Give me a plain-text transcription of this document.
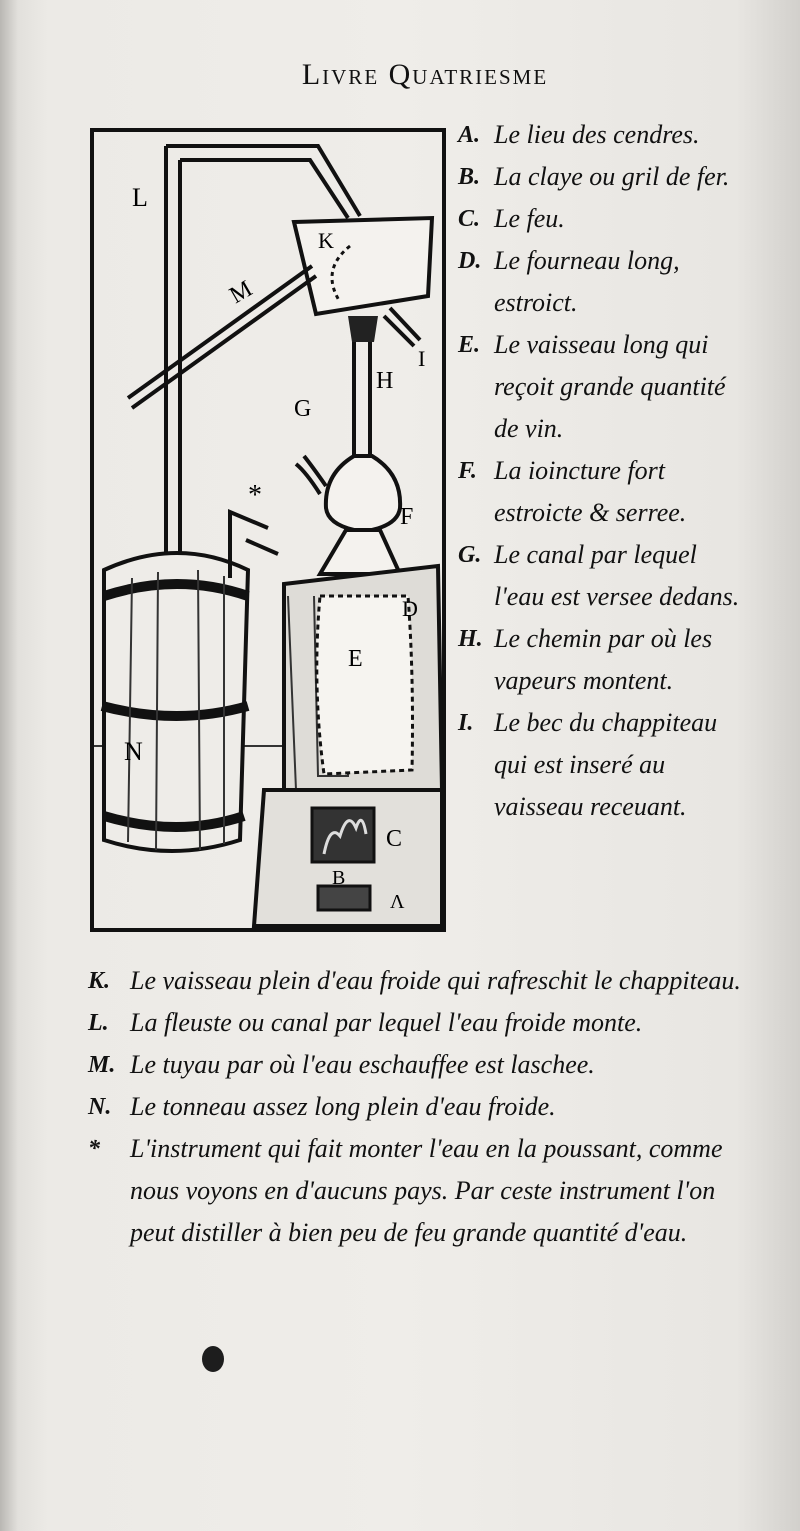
Livre Quatriesme
L
K
M
I
H
G
F
D
E
N
C
B
Λ
*
A. Le lieu des cendres.
B. La claye ou gril de fer.
C. Le feu.
D. Le fourneau long, estroict.
E. Le vaisseau long qui reçoit grande quantité de vin.
F. La ioincture fort estroicte & serree.
G. Le canal par lequel l'eau est versee dedans.
H. Le chemin par où les vapeurs montent.
I. Le bec du chappiteau qui est inseré au vaisseau receuant.
K. Le vaisseau plein d'eau froide qui rafreschit le chappiteau.
L. La fleuste ou canal par lequel l'eau froide monte.
M. Le tuyau par où l'eau eschauffee est laschee.
N. Le tonneau assez long plein d'eau froide.
* L'instrument qui fait monter l'eau en la poussant, comme nous voyons en d'aucuns pays. Par ceste instrument l'on peut distiller à bien peu de feu grande quantité d'eau.
